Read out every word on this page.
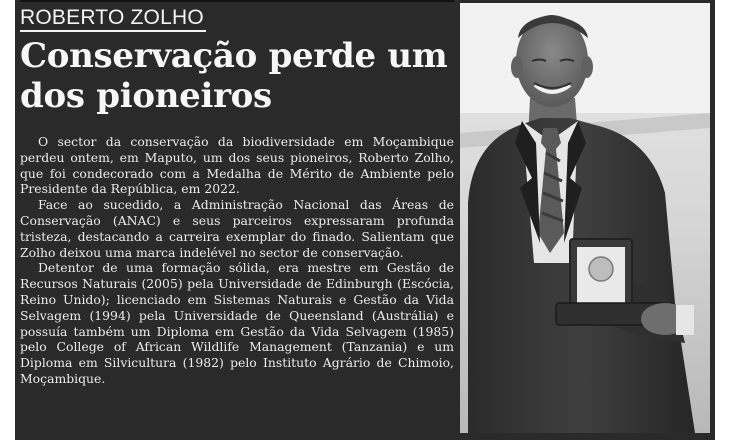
ROBERTO ZOLHO
Conservação perde um dos pioneiros

O sector da conservação da biodiversidade em Moçambique perdeu ontem, em Maputo, um dos seus pioneiros, Roberto Zolho, que foi condecorado com a Medalha de Mérito de Ambiente pelo Presidente da República, em 2022.

Face ao sucedido, a Administração Nacional das Áreas de Conservação (ANAC) e seus parceiros expressaram profunda tristeza, destacando a carreira exemplar do finado. Salientam que Zolho deixou uma marca indelével no sector de conservação.

Detentor de uma formação sólida, era mestre em Gestão de Recursos Naturais (2005) pela Universidade de Edinburgh (Escócia, Reino Unido); licenciado em Sistemas Naturais e Gestão da Vida Selvagem (1994) pela Universidade de Queensland (Austrália) e possuía também um Diploma em Gestão da Vida Selvagem (1985) pelo College of African Wildlife Management (Tanzania) e um Diploma em Silvicultura (1982) pelo Instituto Agrário de Chimoio, Moçambique.
